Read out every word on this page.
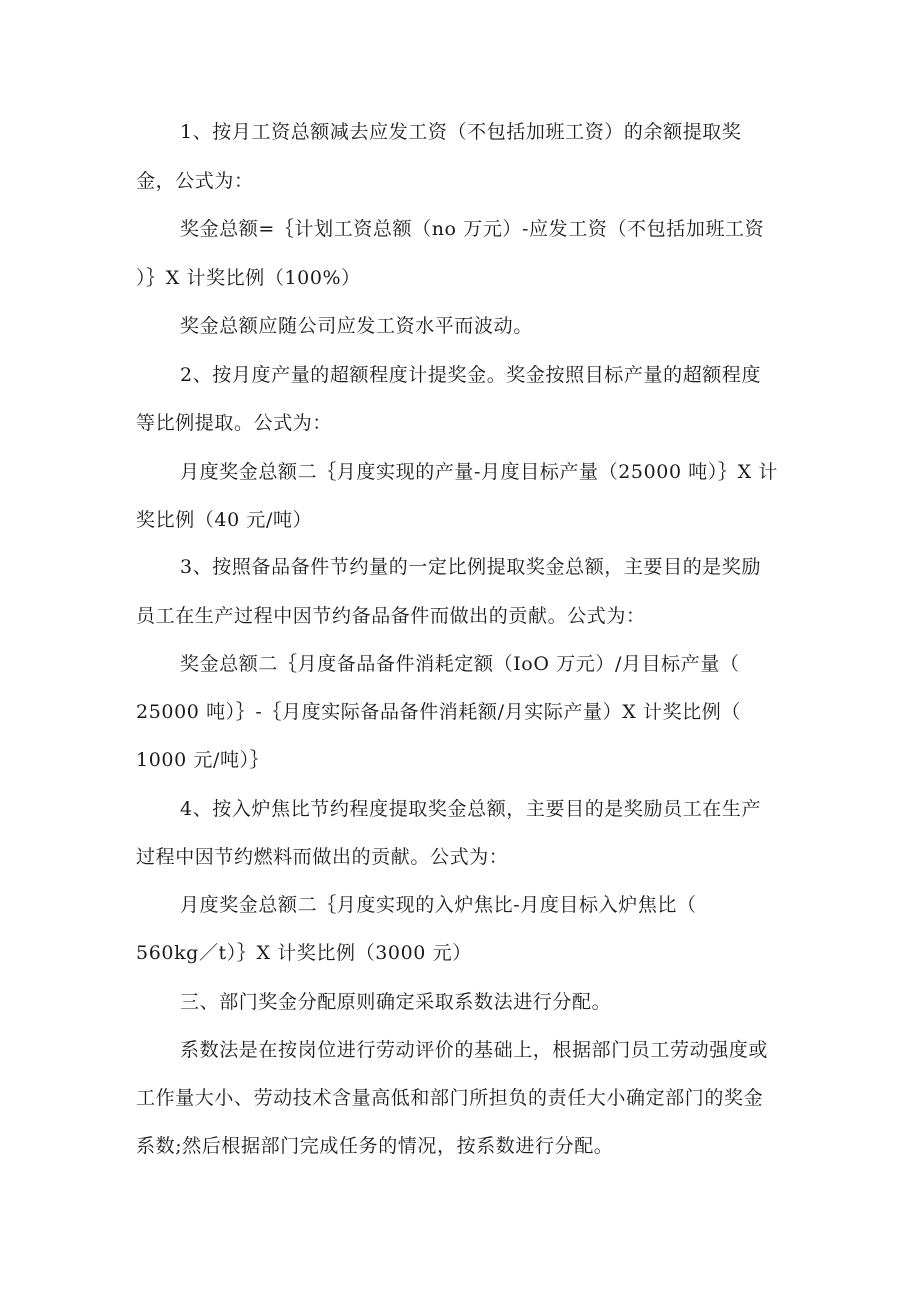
1、按月工资总额减去应发工资（不包括加班工资）的余额提取奖
金，公式为：
奖金总额=｛计划工资总额（no 万元）-应发工资（不包括加班工资
）｝X 计奖比例（100%）
奖金总额应随公司应发工资水平而波动。
2、按月度产量的超额程度计提奖金。奖金按照目标产量的超额程度
等比例提取。公式为：
月度奖金总额二｛月度实现的产量-月度目标产量（25000 吨）｝X 计
奖比例（40 元/吨）
3、按照备品备件节约量的一定比例提取奖金总额，主要目的是奖励
员工在生产过程中因节约备品备件而做出的贡献。公式为：
奖金总额二｛月度备品备件消耗定额（IoO 万元）/月目标产量（
25000 吨）｝-｛月度实际备品备件消耗额/月实际产量）X 计奖比例（
1000 元/吨）｝
4、按入炉焦比节约程度提取奖金总额，主要目的是奖励员工在生产
过程中因节约燃料而做出的贡献。公式为：
月度奖金总额二｛月度实现的入炉焦比-月度目标入炉焦比（
560kg／t）｝X 计奖比例（3000 元）
三、部门奖金分配原则确定采取系数法进行分配。
系数法是在按岗位进行劳动评价的基础上，根据部门员工劳动强度或
工作量大小、劳动技术含量高低和部门所担负的责任大小确定部门的奖金
系数;然后根据部门完成任务的情况，按系数进行分配。
